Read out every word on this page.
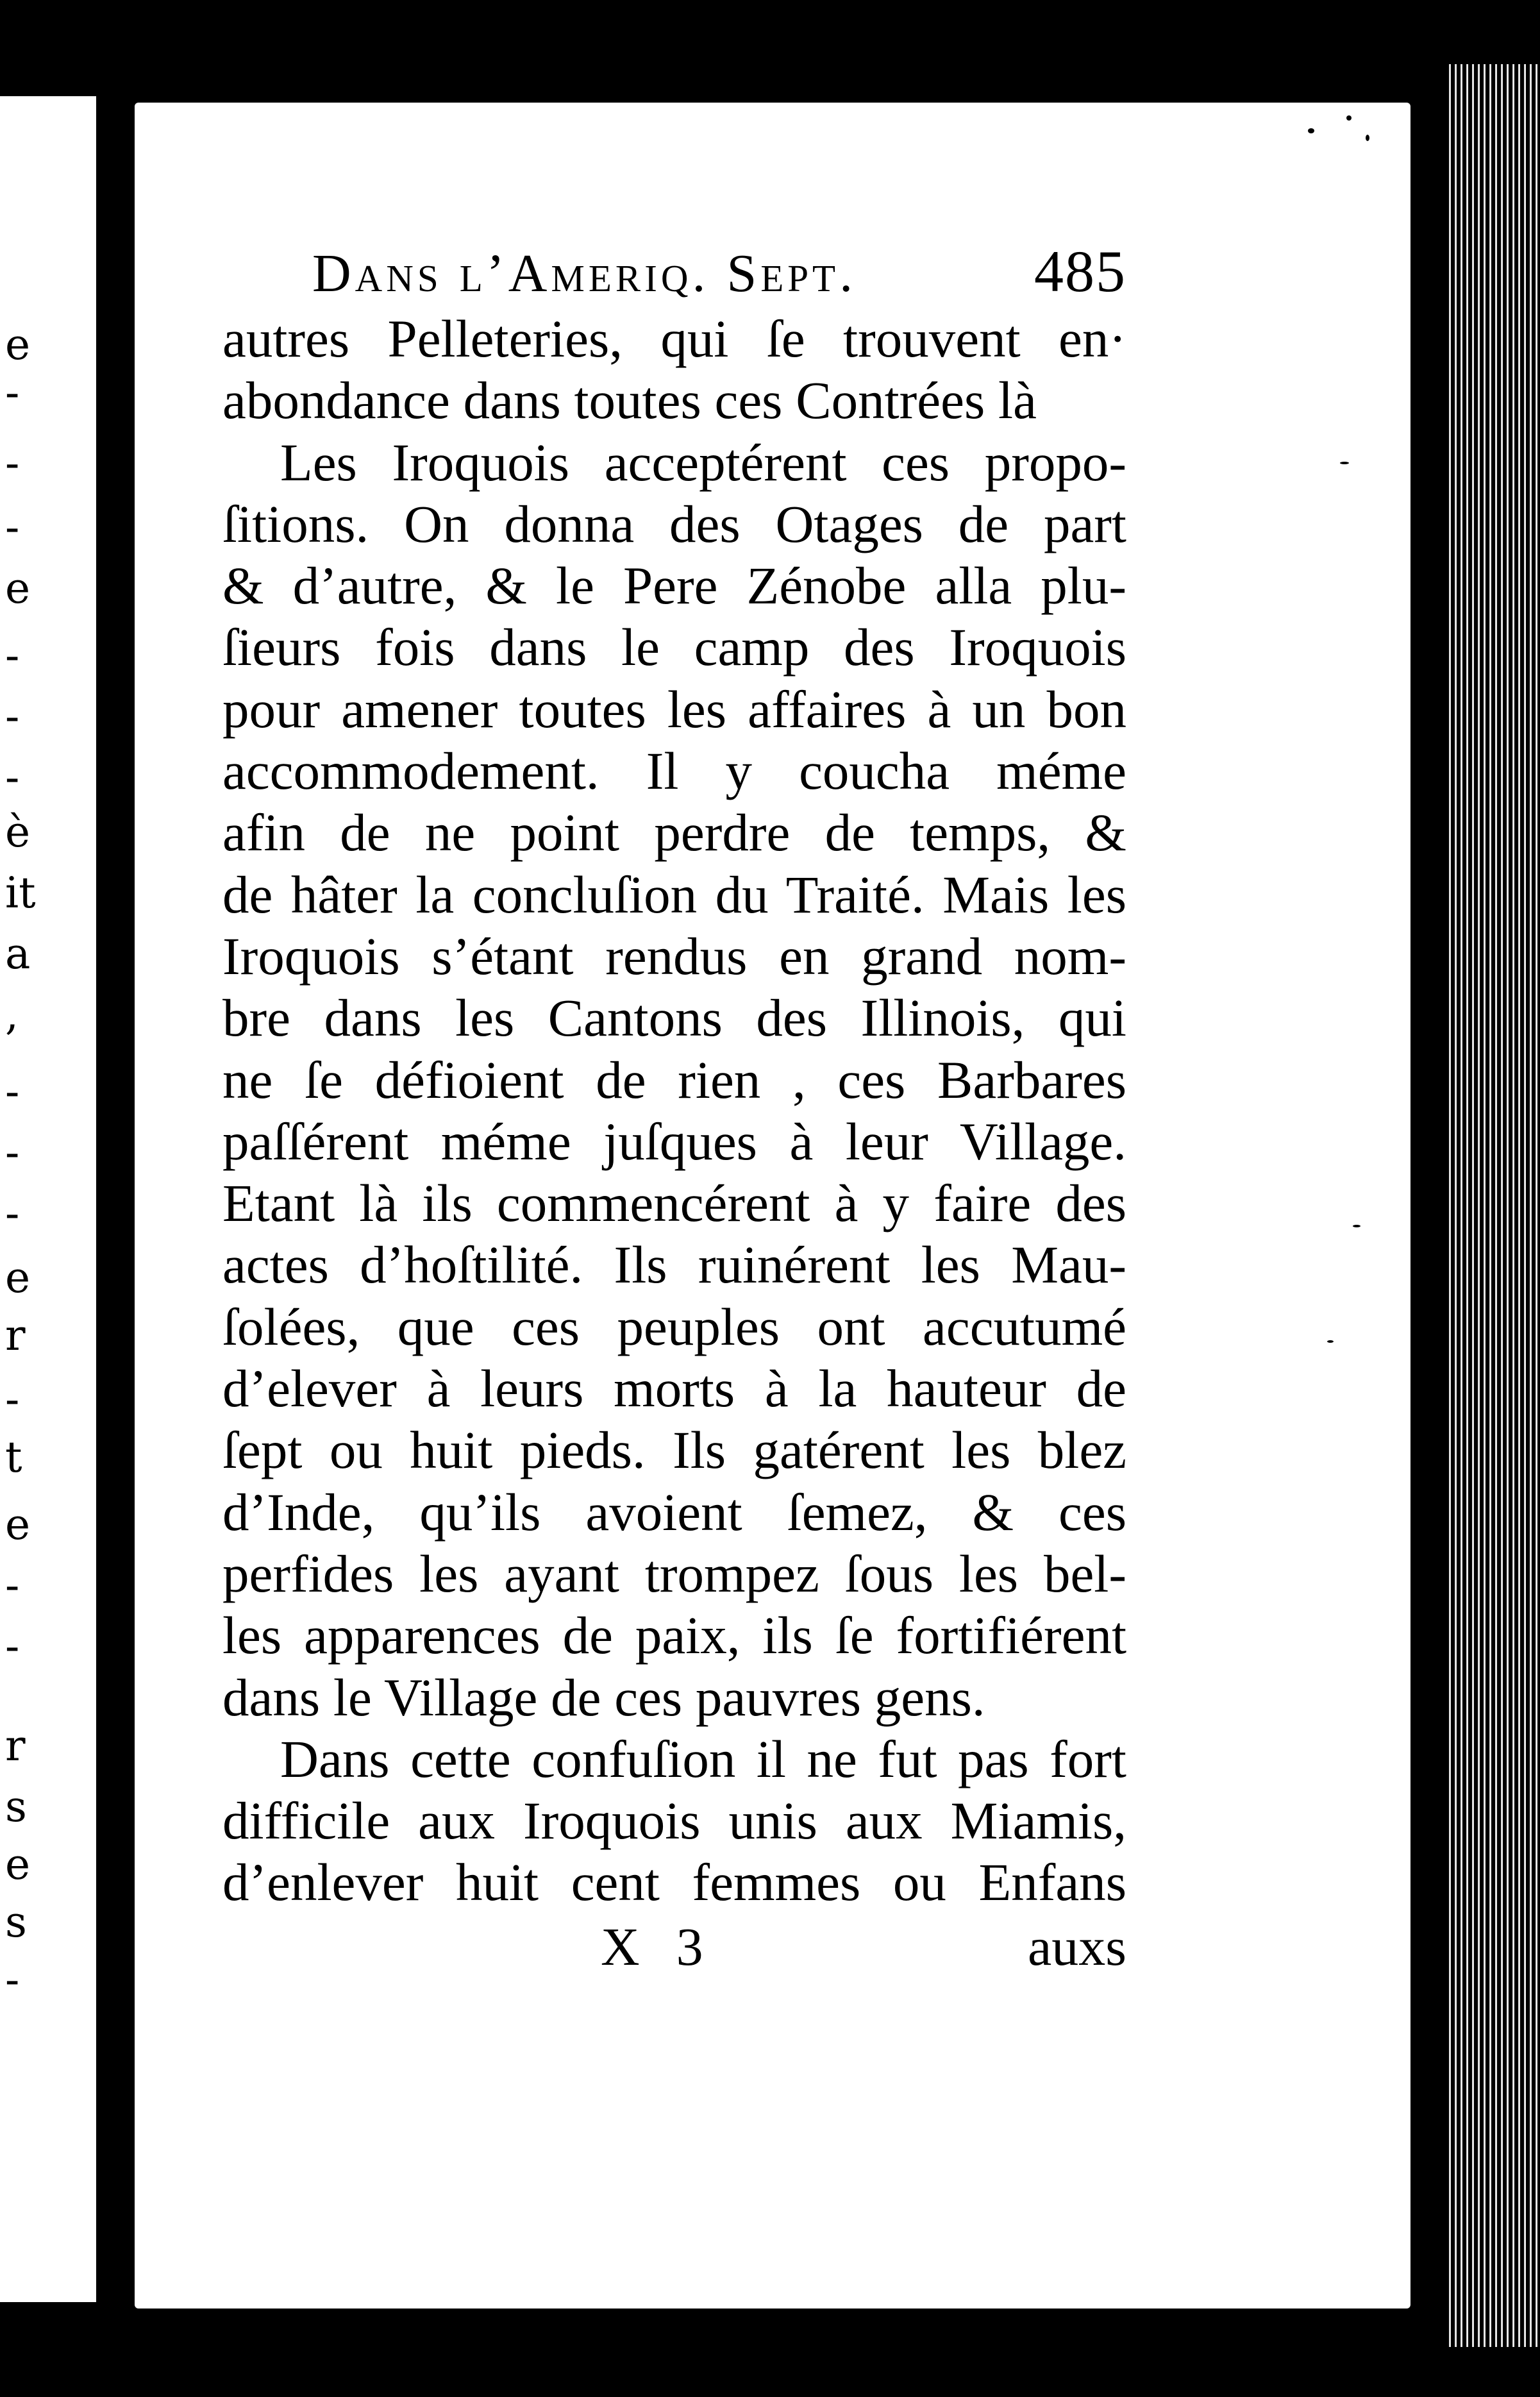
e
-
-
-
e
-
-
-
è
it
a
,
-
-
-
e
r
-
t
e
-
-
r
s
e
s
-
Dans l’Ameriq. Sept.	485
autres Pelleteries, qui ſe trouvent en·
abondance dans toutes ces Contrées là
Les Iroquois acceptérent ces propo-
ſitions. On donna des Otages de part
& d’autre, & le Pere Zénobe alla plu-
ſieurs fois dans le camp des Iroquois
pour amener toutes les affaires à un bon
accommodement. Il y coucha méme
afin de ne point perdre de temps, &
de hâter la concluſion du Traité. Mais les
Iroquois s’étant rendus en grand nom-
bre dans les Cantons des Illinois, qui
ne ſe défioient de rien , ces Barbares
paſſérent méme juſques à leur Village.
Etant là ils commencérent à y faire des
actes d’hoſtilité. Ils ruinérent les Mau-
ſolées, que ces peuples ont accutumé
d’elever à leurs morts à la hauteur de
ſept ou huit pieds. Ils gatérent les blez
d’Inde, qu’ils avoient ſemez, & ces
perfides les ayant trompez ſous les bel-
les apparences de paix, ils ſe fortifiérent
dans le Village de ces pauvres gens.
Dans cette confuſion il ne fut pas fort
difficile aux Iroquois unis aux Miamis,
d’enlever huit cent femmes ou Enfans
X 3	auxs
